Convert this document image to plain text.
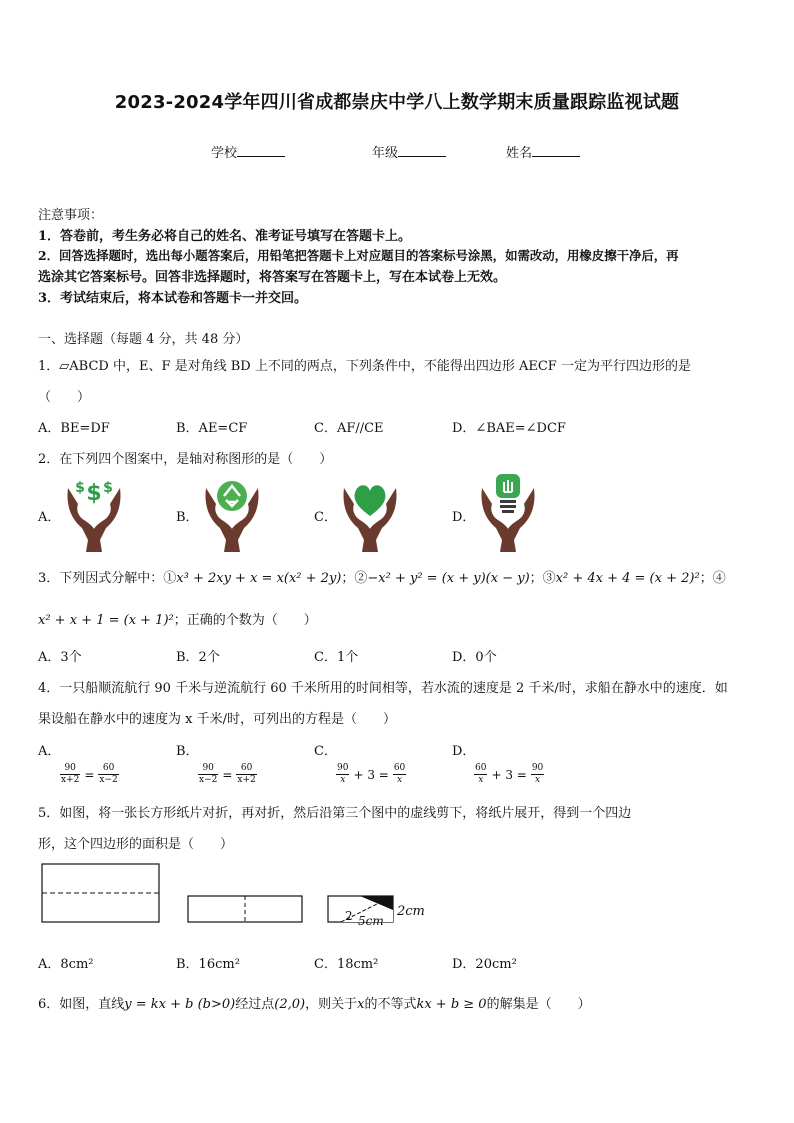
2023-2024学年四川省成都崇庆中学八上数学期末质量跟踪监视试题
学校	年级	姓名
注意事项：
1．答卷前，考生务必将自己的姓名、准考证号填写在答题卡上。
2．回答选择题时，选出每小题答案后，用铅笔把答题卡上对应题目的答案标号涂黑，如需改动，用橡皮擦干净后，再
选涂其它答案标号。回答非选择题时，将答案写在答题卡上，写在本试卷上无效。
3．考试结束后，将本试卷和答题卡一并交回。
一、选择题（每题 4 分，共 48 分）
1．▱ABCD 中，E、F 是对角线 BD 上不同的两点，下列条件中，不能得出四边形 AECF 一定为平行四边形的是
（　　）
A．BE=DF	B．AE=CF	C．AF//CE	D．∠BAE=∠DCF
2．在下列四个图案中，是轴对称图形的是（　　）
A．	B．	C．	D．
$
$ $
3．下列因式分解中：①x³ + 2xy + x = x(x² + 2y)；②−x² + y² = (x + y)(x − y)；③x² + 4x + 4 = (x + 2)²；④
x² + x + 1 = (x + 1)²；正确的个数为（　　）
A．3个	B．2个	C．1个	D．0个
4．一只船顺流航行 90 千米与逆流航行 60 千米所用的时间相等，若水流的速度是 2 千米/时，求船在静水中的速度．如
果设船在静水中的速度为 x 千米/时，可列出的方程是（　　）
A．
$\frac{90}{x+2} = \frac{60}{x-2}$
B．
$\frac{90}{x-2} = \frac{60}{x+2}$
C．
$\frac{90}{x} + 3 = \frac{60}{x}$
D．
$\frac{60}{x} + 3 = \frac{90}{x}$
5．如图，将一张长方形纸片对折，再对折，然后沿第三个图中的虚线剪下，将纸片展开，得到一个四边
形，这个四边形的面积是（　　）
2 5cm
2cm
A．8cm²	B．16cm²	C．18cm²	D．20cm²
6．如图，直线y = kx + b (b>0)经过点(2,0)，则关于x的不等式kx + b ≥ 0的解集是（　　）
